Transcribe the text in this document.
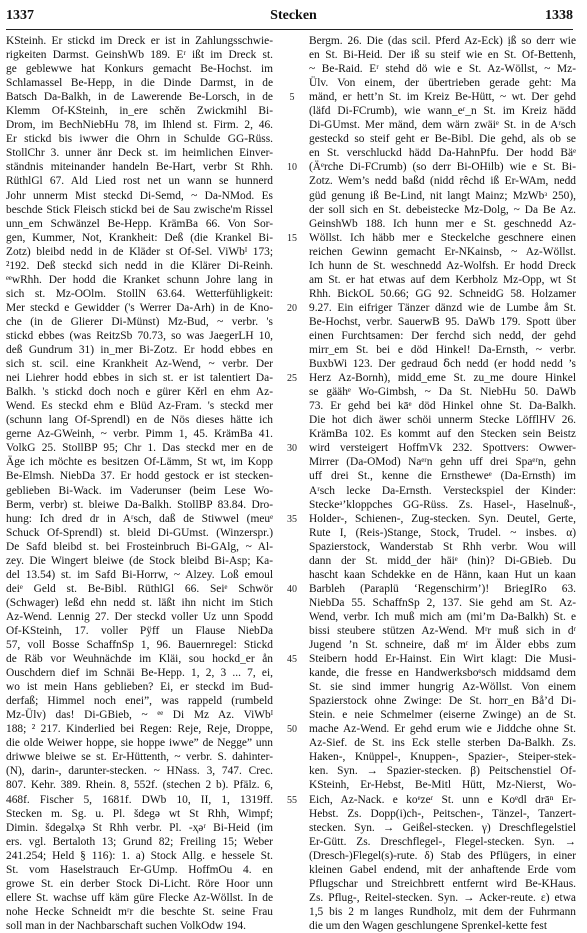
1337	Stecken	1338
KSteinh. Er stickd im Dreck er ist in Zahlungsschwie-
rigkeiten Darmst. GeinshWb 189. Eʳ ißt im Dreck st.
ge geblewwe hat Konkurs gemacht Be-Hochst. im
Schlamassel Be-Hepp, in die Dinde Darmst, in de
Batsch Da-Balkh, in de Lawerende Be-Lorsch, in de
Klemm Of-KSteinh, in_ere schěn Zwickmihl Bi-
Drom, im BechNiebHu 78, im Ihlend st. Firm. 2, 46.
Er stickd bis iwwer die Ohrn in Schulde GG-Rüss.
StollChr 3. unner änr Deck st. im heimlichen Einver-
ständnis miteinander handeln Be-Hart, verbr St Rhh.
RüthlGl 67. Ald Lied rost net un wann se hunnerd
Johr unnerm Mist steckd Di-Semd, ~ Da-NMod. Es
beschde Stick Fleisch stickd bei de Sau zwische'm Rissel
unn_em Schwänzel Be-Hepp. KrämBa 66. Von Sor-
gen, Kummer, Not, Krankheit: Deß (die Krankel Bi-
Zotz) bleibd nedd in de Kläder st Of-Sel. ViWbᴵ 173;
²192. Deß steckd sich nedd in die Klärer Di-Reinh.
ᵉᵉwRhh. Der hodd die Kranket schunn Johre lang in
sich st. Mz-OOlm. StollN 63.64. Wetterfühligkeit:
Mer steckd e Gewidder ('s Werrer Da-Arh) in de Kno-
che (in de Glierer Di-Münst) Mz-Bud, ~ verbr. 's
stickd ebbes (was ReitzSb 70.73, so was JaegerLH 10,
deß Gundrum 31) in_mer Bi-Zotz. Er hodd ebbes en
sich st. scil. eine Krankheit Az-Wend, ~ verbr. Der
nei Liehrer hodd ebbes in sich st. er ist talentiert Da-
Balkh. 's stickd doch noch e gürer Kěrl en ehm Az-
Wend. Es steckd ehm e Blüd Az-Fram. 's steckd mer
(schunn lang Of-Sprendl) en de Nös dieses hätte ich
gerne Az-GWeinh, ~ verbr. Pimm 1, 45. KrämBa 41.
VolkG 25. StollBP 95; Chr 1. Das steckd mer en de
Äge ich möchte es besitzen Of-Lämm, St wt, im Kopp
Be-Elmsh. NiebDa 37. Er hodd gestock er ist stecken-
geblieben Bi-Wack. im Vaderunser (beim Lese Wo-
Berm, verbr) st. bleiwe Da-Balkh. StollBP 83.84. Dro-
hung: Ich dred dr in Aʳsch, daß de Stiwwel (meuᵉ
Schuck Of-Sprendl) st. bleid Di-GUmst. (Winzerspr.)
De Safd bleibd st. bei Frosteinbruch Bi-GAlg, ~ Al-
zey. Die Wingert bleiwe (de Stock bleibd Bi-Asp; Ka-
del 13.54) st. im Safd Bi-Horrw, ~ Alzey. Loß emoul
deiᵉ Geld st. Be-Bibl. RüthlGl 66. Seiᵉ Schwör
(Schwager) leßd ehn nedd st. läßt ihn nicht im Stich
Az-Wend. Lennig 27. Der steckd voller Uz unn Spodd
Of-KSteinh, 17. voller Pÿff un Flause NiebDa
57, voll Bosse SchaffnSp 1, 96. Bauernregel: Stickd
de Räb vor Weuhnächde im Kläi, sou hockd_er ån
Ouschdern dief im Schnäi Be-Hepp. 1, 2, 3 ... 7, ei,
wo ist mein Hans geblieben? Ei, er steckd im Bud-
derfaß; Himmel noch enei”, was rappeld (rumbeld
Mz-Ülv) das! Di-GBieb, ~ ᵉᵉ Di Mz Az. ViWbᴵ
188; ² 217. Kinderlied bei Regen: Reje, Reje, Droppe,
die olde Weiwer hoppe, sie hoppe iwwe” de Negge” unn
driwwe bleiwe se st. Er-Hüttenth, ~ verbr. S. dahinter-
(N), darin-, darunter-stecken. ~ HNass. 3, 747. Crec.
807. Kehr. 389. Rhein. 8, 552f. (stechen 2 b). Pfälz. 6,
468f. Fischer 5, 1681f. DWb 10, II, 1, 1319ff.
Stecken m. Sg. u. Pl. šdegə wt St Rhh, Wimpf;
Dimin. šdegəlҳə St Rhh verbr. Pl. -ҳəʳ Bi-Heid (im
ers. vgl. Bertaloth 13; Grund 82; Freiling 15; Weber
241.254; Held § 116): 1. a) Stock Allg. e hessele St.
St. vom Haselstrauch Er-GUmp. HoffmOu 4. en
growe St. ein derber Stock Di-Licht. Röre Hoor unn
ellere St. wachse uff käm güre Flecke Az-Wöllst. In de
nohe Hecke Schneidt mʳr die beschte St. seine Frau
soll man in der Nachbarschaft suchen VolkOdw 194.
5
10
15
20
25
30
35
40
45
50
55
Bergm. 26. Die (das scil. Pferd Az-Eck) ịß so derr wie
en St. Bi-Heid. Der iß su steif wie en St. Of-Bettenh,
~ Be-Raid. Eʳ stehd dö wie e St. Az-Wöllst, ~ Mz-
Ülv. Von einem, der übertrieben gerade geht: Ma
mänd, er hett’n St. im Kreiz Be-Hütt, ~ wt. Der gehd
(läfd Di-FCrumb), wie wann_eʳ_n St. im Kreiz hädd
Di-GUmst. Mer mänd, dem wärn zwäiᵉ St. in de Aʳsch
gesteckd so steif geht er Be-Bibl. Die gehd, als ob se
en St. verschluckd hädd Da-HahnPfu. Der hodd Bäᵉ
(Äᵉrche Di-FCrumb) (so derr Bi-OHilb) wie e St. Bi-
Zotz. Wem’s nedd baßd (nidd rêchd iß Er-WAm, nedd
güd genung iß Be-Lind, nit langt Mainz; MzWbᵌ 250),
der soll sich en St. debeistecke Mz-Dolg, ~ Da Be Az.
GeinshWb 188. Ich hunn mer e St. geschnedd Az-
Wöllst. Ich häbb mer e Steckelche geschnere einen
reichen Gewinn gemacht Er-NKainsb, ~ Az-Wöllst.
Ich hunn de St. weschnedd Az-Wolfsh. Er hodd Dreck
am St. er hat etwas auf dem Kerbholz Mz-Opp, wt St
Rhh. BickOL 50.66; GG 92. SchneidG 58. Holzamer
9.27. Ein eifriger Tänzer dänzd wie de Lumbe åm St.
Be-Hochst, verbr. SauerwB 95. DaWb 179. Spott über
einen Furchtsamen: Der ferchd sich nedd, der gehd
mirr_em St. bei e död Hinkel! Da-Ernsth, ~ verbr.
BuxbWi 123. Der gedraud ẟch nedd (er hodd nedd ’s
Herz Az-Bornh), midd_eme St. zu_me doure Hinkel
se gäähᵉ Wo-Gimbsh, ~ Da St. NiebHu 50. DaWb
73. Er gehd bei kāᵉ död Hinkel ohne St. Da-Balkh.
Die hot dich äwer schöi unnerm Stecke LöfflHV 26.
KrämBa 102. Es kommt auf den Stecken sein Beistz
wird versteigert HoffmVk 232. Spottvers: Owwer-
Mirrer (Da-OMod) Naᵉʳn gehn uff drei Spaᵉʳn, gehn
uff drei St., kenne die Ernstheweᵉ (Da-Ernsth) im
Aʳsch lecke Da-Ernsth. Versteckspiel der Kinder:
Steckeᵃ’kloppches GG-Rüss. Zs. Hasel-, Haselnuß-,
Holder-, Schienen-, Zug-stecken. Syn. Deutel, Gerte,
Rute I, (Reis-)Stange, Stock, Trudel. ~ insbes. α)
Spazierstock, Wanderstab St Rhh verbr. Wou will
dann der St. midd_der häiᵉ (hin)? Di-GBieb. Du
hascht kaan Schdekke en de Hänn, kaan Hut un kaan
Barbleh (Paraplü ‘Regenschirm’)! BriegIRo 63.
NiebDa 55. SchaffnSp 2, 137. Sie gehd am St. Az-
Wend, verbr. Ich muß mich am (mi’m Da-Balkh) St. e
bissi steubere stützen Az-Wend. Mʳr muß sich in dʳ
Jugend ’n St. schneire, daß mʳ im Älder ebbs zum
Steibern hodd Er-Hainst. Ein Wirt klagt: Die Musi-
kande, die fresse en Handwerksboᵉsch middsamd dem
St. sie sind immer hungrig Az-Wöllst. Von einem
Spazierstock ohne Zwinge: De St. horr_en Bå’d Di-
Stein. e neie Schmelmer (eiserne Zwinge) an de St.
mache Az-Wend. Er gehd erum wie e Jiddche ohne St.
Az-Sief. de St. ins Eck stelle sterben Da-Balkh. Zs.
Haken-, Knüppel-, Knuppen-, Spazier-, Steiper-stek-
ken. Syn. → Spazier-stecken. β) Peitschenstiel Of-
KSteinh, Er-Hebst, Be-Mitl Hütt, Mz-Nierst, Wo-
Eich, Az-Nack. e koᵉzeʳ St. unn e Koᵉdl drāⁿ Er-
Hebst. Zs. Dopp(i)ch-, Peitschen-, Tänzel-, Tanzert-
stecken. Syn. → Geißel-stecken. γ) Dreschflegelstiel
Er-Gütt. Zs. Dreschflegel-, Flegel-stecken. Syn. →
(Dresch-)Flegel(s)-rute. δ) Stab des Pflügers, in einer
kleinen Gabel endend, mit der anhaftende Erde vom
Pflugschar und Streichbrett entfernt wird Be-KHaus.
Zs. Pflug-, Reitel-stecken. Syn. → Acker-reute. ε) etwa
1,5 bis 2 m langes Rundholz, mit dem der Fuhrmann
die um den Wagen geschlungene Sprenkel-kette fest
